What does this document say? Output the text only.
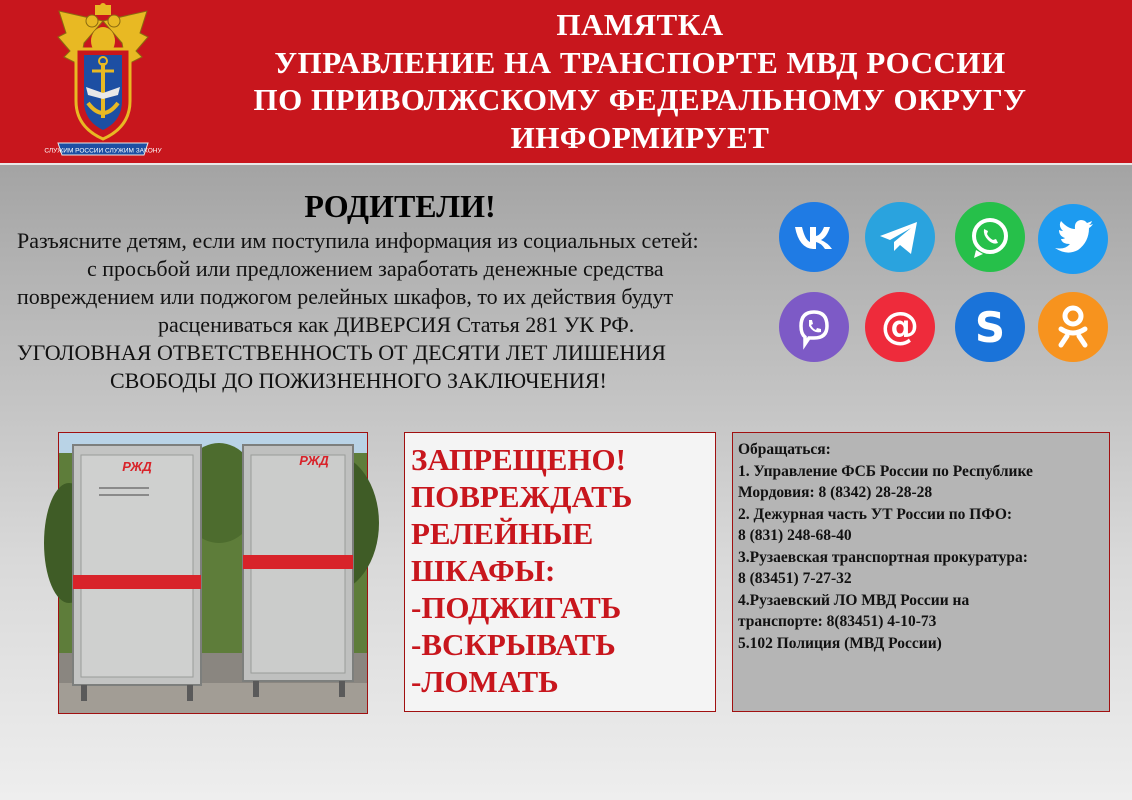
СЛУЖИМ РОССИИ СЛУЖИМ ЗАКОНУ
ПАМЯТКА
УПРАВЛЕНИЕ НА ТРАНСПОРТЕ МВД РОССИИ
ПО ПРИВОЛЖСКОМУ ФЕДЕРАЛЬНОМУ ОКРУГУ
ИНФОРМИРУЕТ
РОДИТЕЛИ!
Разъясните детям, если им поступила информация из социальных сетей:
с просьбой или предложением заработать денежные средства
повреждением или поджогом релейных шкафов, то их действия будут
расцениваться как ДИВЕРСИЯ Статья 281 УК РФ.
УГОЛОВНАЯ ОТВЕТСТВЕННОСТЬ ОТ ДЕСЯТИ ЛЕТ ЛИШЕНИЯ
СВОБОДЫ ДО ПОЖИЗНЕННОГО ЗАКЛЮЧЕНИЯ!
@ S
РЖД	РЖД	ЗАПРЕЩЕНО!
ПОВРЕЖДАТЬ
РЕЛЕЙНЫЕ
ШКАФЫ:
-ПОДЖИГАТЬ
-ВСКРЫВАТЬ
-ЛОМАТЬ
Обращаться:
1. Управление ФСБ России по Республике
Мордовия: 8 (8342) 28-28-28
2. Дежурная часть УТ России по ПФО:
8 (831) 248-68-40
3.Рузаевская транспортная прокуратура:
8 (83451) 7-27-32
4.Рузаевский ЛО МВД России на
транспорте: 8(83451) 4-10-73
5.102 Полиция (МВД России)
